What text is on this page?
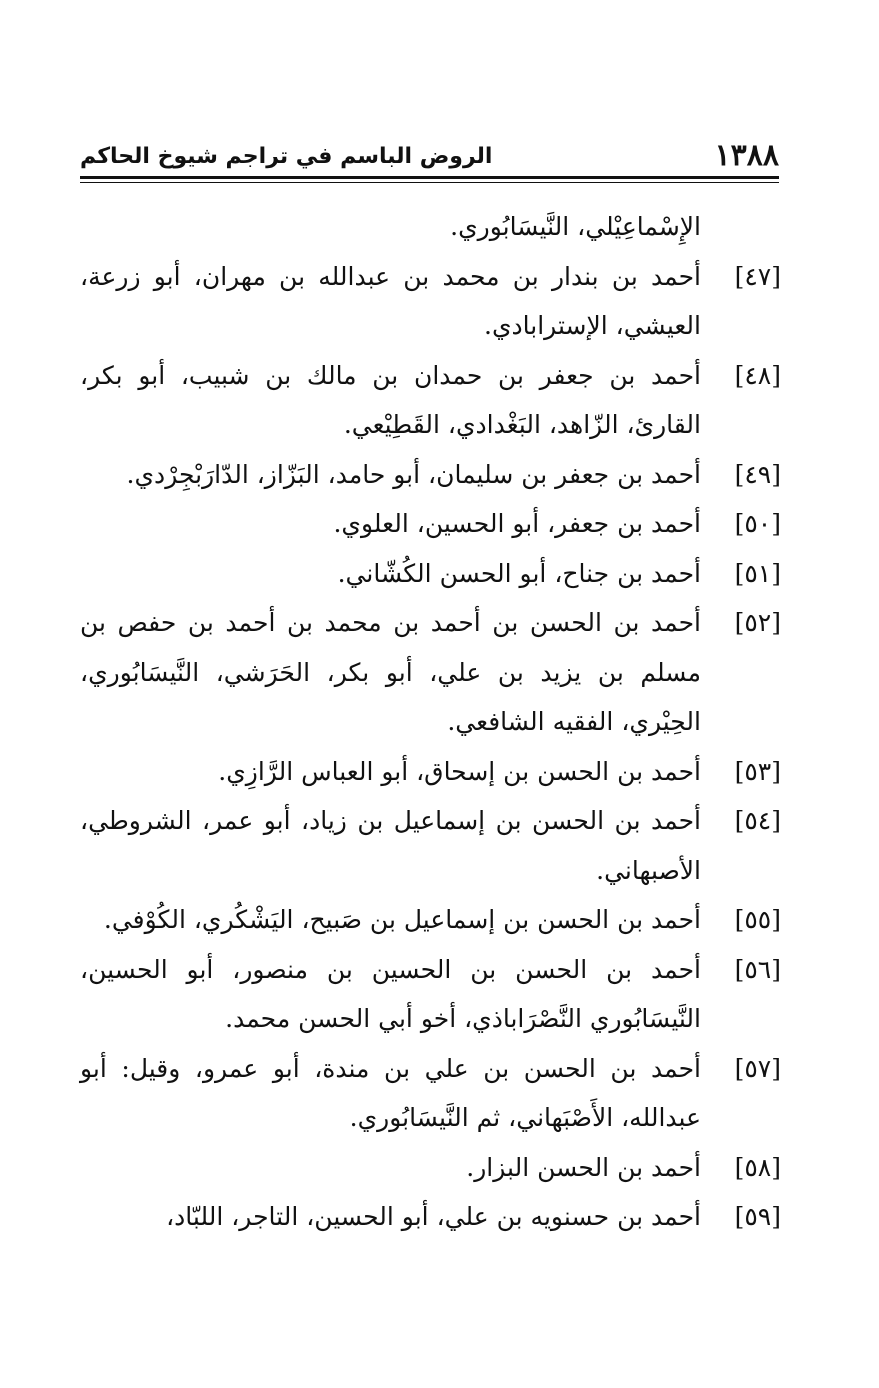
١٣٨٨
الروض الباسم في تراجم شيوخ الحاكم
الإِسْماعِيْلي، النَّيسَابُوري.
[٤٧]
أحمد بن بندار بن محمد بن عبدالله بن مهران، أبو زرعة، العيشي، الإسترابادي.
[٤٨]
أحمد بن جعفر بن حمدان بن مالك بن شبيب، أبو بكر، القارئ، الزّاهد، البَغْدادي، القَطِيْعي.
[٤٩]
أحمد بن جعفر بن سليمان، أبو حامد، البَزّاز، الدّارَبْجِرْدي.
[٥٠]
أحمد بن جعفر، أبو الحسين، العلوي.
[٥١]
أحمد بن جناح، أبو الحسن الكُشّاني.
[٥٢]
أحمد بن الحسن بن أحمد بن محمد بن أحمد بن حفص بن مسلم بن يزيد بن علي، أبو بكر، الحَرَشي، النَّيسَابُوري، الحِيْري، الفقيه الشافعي.
[٥٣]
أحمد بن الحسن بن إسحاق، أبو العباس الرَّازِي.
[٥٤]
أحمد بن الحسن بن إسماعيل بن زياد، أبو عمر، الشروطي، الأصبهاني.
[٥٥]
أحمد بن الحسن بن إسماعيل بن صَبيح، اليَشْكُري، الكُوْفي.
[٥٦]
أحمد بن الحسن بن الحسين بن منصور، أبو الحسين، النَّيسَابُوري النَّصْرَاباذي، أخو أبي الحسن محمد.
[٥٧]
أحمد بن الحسن بن علي بن مندة، أبو عمرو، وقيل: أبو عبدالله، الأَصْبَهاني، ثم النَّيسَابُوري.
[٥٨]
أحمد بن الحسن البزار.
[٥٩]
أحمد بن حسنويه بن علي، أبو الحسين، التاجر، اللبّاد،
